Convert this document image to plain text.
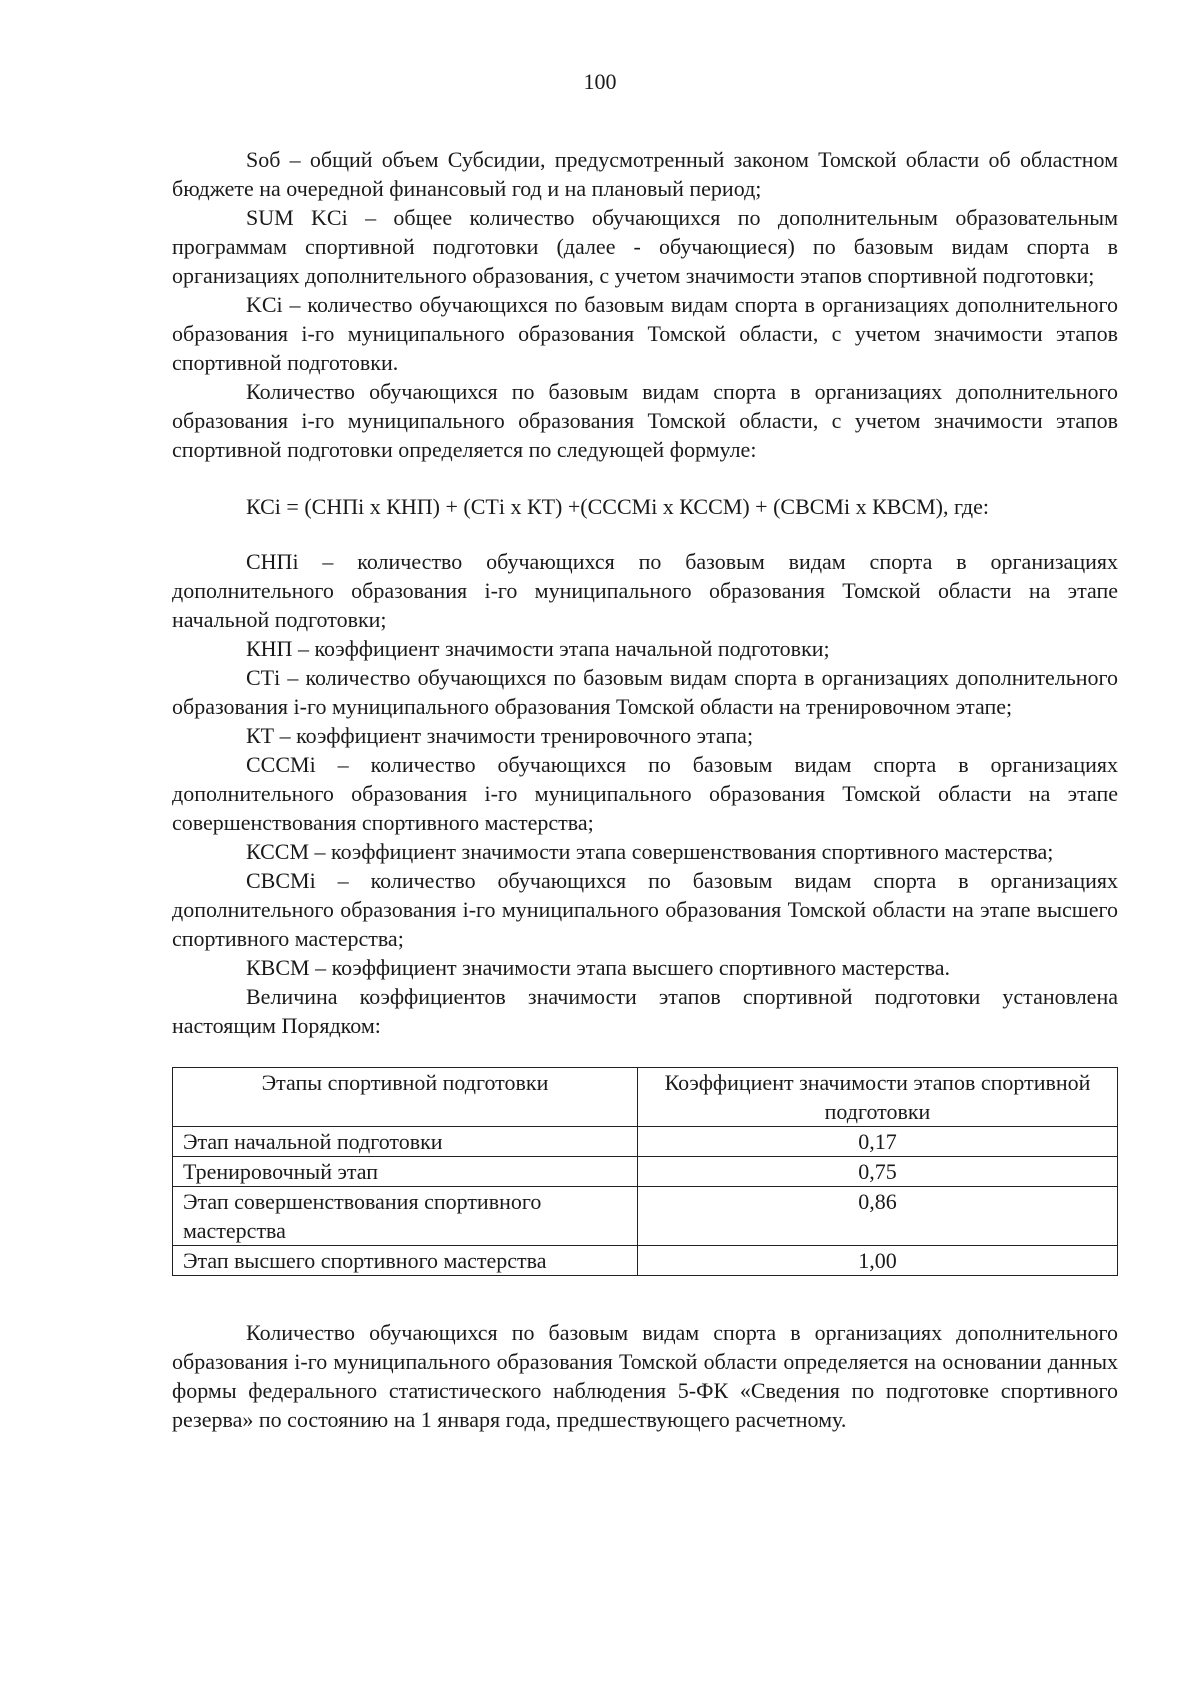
100

Sоб – общий объем Субсидии, предусмотренный законом Томской области об областном бюджете на очередной финансовый год и на плановый период;

SUM KCi – общее количество обучающихся по дополнительным образовательным программам спортивной подготовки (далее - обучающиеся) по базовым видам спорта в организациях дополнительного образования, с учетом значимости этапов спортивной подготовки;

KCi – количество обучающихся по базовым видам спорта в организациях дополнительного образования i-го муниципального образования Томской области, с учетом значимости этапов спортивной подготовки.

Количество обучающихся по базовым видам спорта в организациях дополнительного образования i-го муниципального образования Томской области, с учетом значимости этапов спортивной подготовки определяется по следующей формуле:

КСi = (СНПi х КНП) + (СТi х КТ) +(СССМi х КССМ) + (СВСМi х КВСМ), где:

СНПi – количество обучающихся по базовым видам спорта в организациях дополнительного образования i-го муниципального образования Томской области на этапе начальной подготовки;

КНП – коэффициент значимости этапа начальной подготовки;

СТi – количество обучающихся по базовым видам спорта в организациях дополнительного образования i-го муниципального образования Томской области на тренировочном этапе;

КТ – коэффициент значимости тренировочного этапа;

СССМi – количество обучающихся по базовым видам спорта в организациях дополнительного образования i-го муниципального образования Томской области на этапе совершенствования спортивного мастерства;

КССМ – коэффициент значимости этапа совершенствования спортивного мастерства;

СВСМi – количество обучающихся по базовым видам спорта в организациях дополнительного образования i-го муниципального образования Томской области на этапе высшего спортивного мастерства;

КВСМ – коэффициент значимости этапа высшего спортивного мастерства.

Величина коэффициентов значимости этапов спортивной подготовки установлена настоящим Порядком:

Этапы спортивной подготовки	Коэффициент значимости этапов спортивной подготовки
Этап начальной подготовки	0,17
Тренировочный этап	0,75
Этап совершенствования спортивного мастерства	0,86
Этап высшего спортивного мастерства	1,00

Количество обучающихся по базовым видам спорта в организациях дополнительного образования i-го муниципального образования Томской области определяется на основании данных формы федерального статистического наблюдения 5-ФК «Сведения по подготовке спортивного резерва» по состоянию на 1 января года, предшествующего расчетному.
